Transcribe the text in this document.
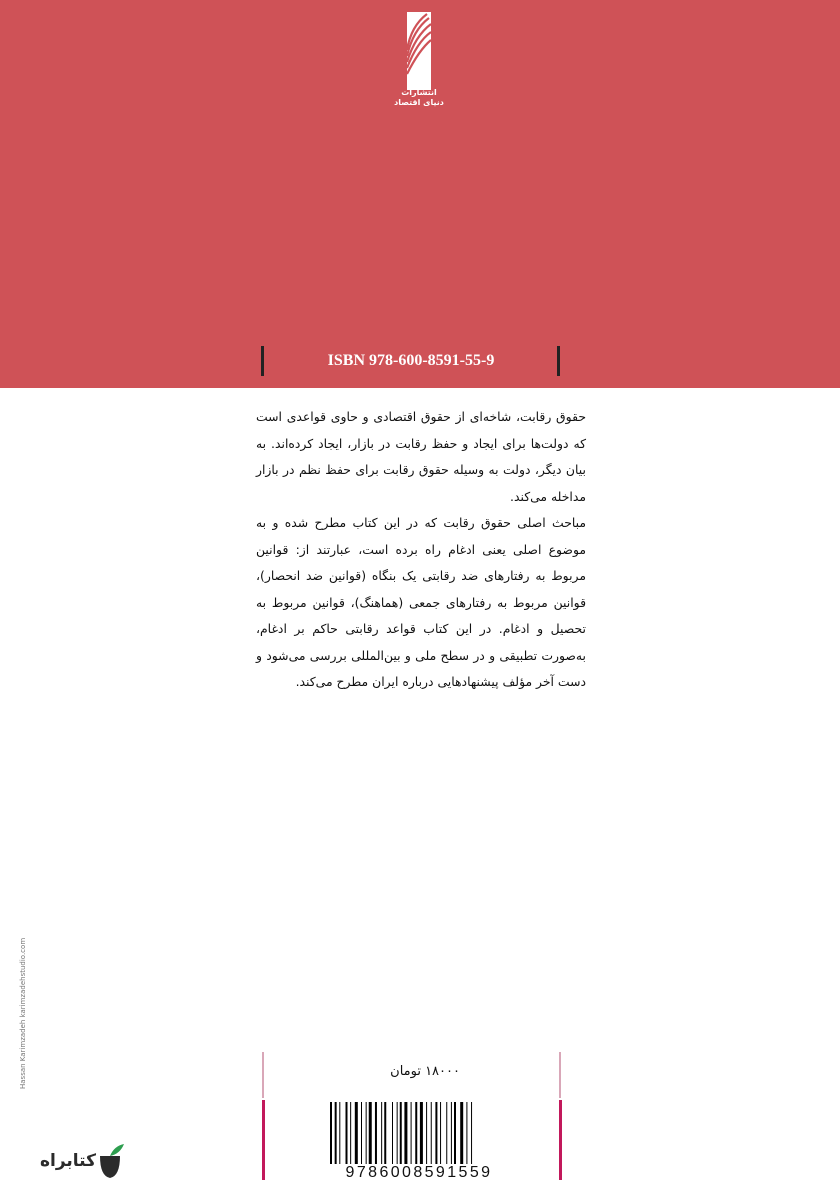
انتشارات
دنیای اقتصاد
ISBN 978-600-8591-55-9

حقوق رقابت، شاخه‌ای از حقوق اقتصادی و حاوی قواعدی است که دولت‌ها برای ایجاد و حفظ رقابت در بازار، ایجاد کرده‌اند. به بیان دیگر، دولت به وسیله حقوق رقابت برای حفظ نظم در بازار مداخله می‌کند.

مباحث اصلی حقوق رقابت که در این کتاب مطرح شده و به موضوع اصلی یعنی ادغام راه برده است، عبارتند از: قوانین مربوط به رفتارهای ضد رقابتی یک بنگاه (قوانین ضد انحصار)، قوانین مربوط به رفتارهای جمعی (هماهنگ)، قوانین مربوط به تحصیل و ادغام. در این کتاب قواعد رقابتی حاکم بر ادغام، به‌صورت تطبیقی و در سطح ملی و بین‌المللی بررسی می‌شود و دست آخر مؤلف پیشنهادهایی درباره ایران مطرح می‌کند.

Hassan Karimzadeh karimzadehstudio.com	۱۸۰۰۰ تومان
9786008591559
کتابراه
